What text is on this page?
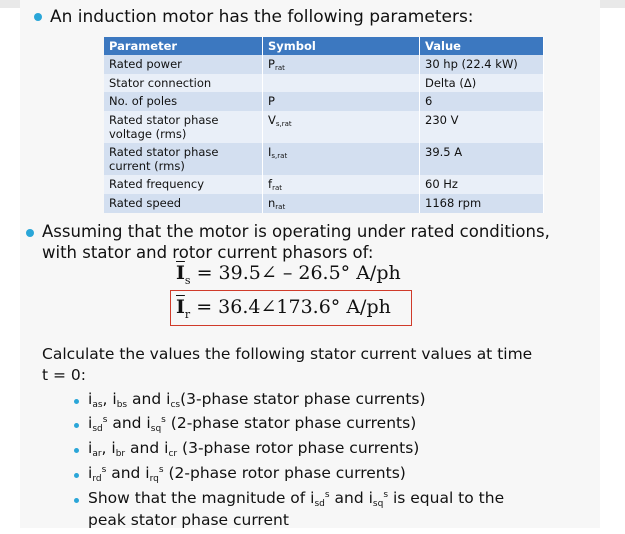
An induction motor has the following parameters:
Parameter	Symbol	Value
Rated power	$P_{rat}$	30 hp (22.4 kW)
Stator connection		Delta (Δ)
No. of poles	P	6
Rated stator phase voltage (rms)	$V_{s,rat}$	230 V
Rated stator phase current (rms)	$I_{s,rat}$	39.5 A
Rated frequency	$f_{rat}$	60 Hz
Rated speed	$n_{rat}$	1168 rpm
Assuming that the motor is operating under rated conditions,
with stator and rotor current phasors of:
$\overline{I}_s$ = 39.5∠ – 26.5° A/ph
$\overline{I}_r$ = 36.4∠173.6° A/ph
Calculate the values the following stator current values at time
t = 0:
ias, ibs and ics(3-phase stator phase currents)
isd$^s$ and isq$^s$ (2-phase stator phase currents)
iar, ibr and icr (3-phase rotor phase currents)
ird$^s$ and irq$^s$ (2-phase rotor phase currents)
Show that the magnitude of isd$^s$ and isq$^s$ is equal to the
peak stator phase current
